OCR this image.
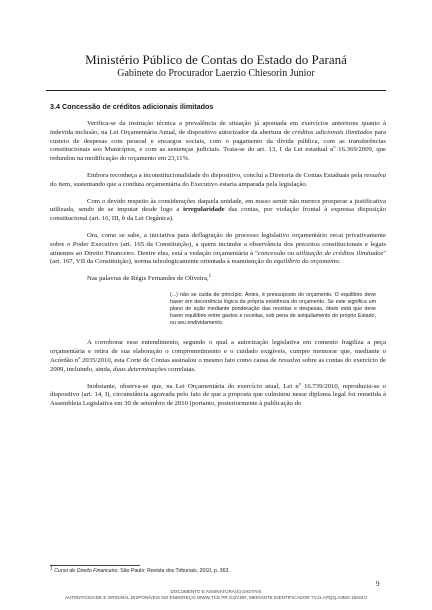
Ministério Público de Contas do Estado do Paraná
Gabinete do Procurador Laerzio Chiesorin Junior
3.4 Concessão de créditos adicionais ilimitados

Verifica-se da instrução técnica a prevalência de situação já apontada em exercícios anteriores quanto à indevida inclusão, na Lei Orçamentária Anual, de dispositivo autorizador da abertura de créditos adicionais ilimitados para custeio de despesas com pessoal e encargos sociais, com o pagamento da dívida pública, com as transferências constitucionais aos Municípios, e com as sentenças judiciais. Trata-se do art. 13, I da Lei estadual nº 16.369/2009, que redundou na modificação do orçamento em 23,11%.

Embora reconheça a inconstitucionalidade do dispositivo, concluí a Diretoria de Contas Estaduais pela ressalva do item, sustentando que a conduta orçamentária do Executivo estaria amparada pela legislação.

Com o devido respeito às considerações daquela unidade, em nosso sentir não merece prosperar a justificativa utilizada, sendo de se imputar desde logo a irregularidade das contas, por violação frontal à expressa disposição constitucional (art. 16, III, b da Lei Orgânica).

Ora, como se sabe, a iniciativa para deflagração do processo legislativo orçamentário recai privativamente sobre o Poder Executivo (art. 165 da Constituição), a quem incumbe a observância dos preceitos constitucionais e legais atinentes ao Direito Financeiro. Dentre eles, está a vedação orçamentária à "concessão ou utilização de créditos ilimitados" (art. 167, VII da Constituição), norma teleologicamente orientada à manutenção do equilíbrio do orçamento.

Nas palavras de Régis Fernandes de Oliveira,$^1$

(...) não se cuida de princípio. Antes, é pressuposto do orçamento. O equilíbrio deve haver em decorrência lógica da própria existência do orçamento. Se este significa um plano de ação mediante ponderação das receitas e despesas, óbvio está que deve haver equilíbrio entre gastos e receitas, sob pena de aniquilamento do próprio Estado, ou seu endividamento.

A corroborar esse entendimento, segundo o qual a autorização legislativa em comento fragiliza a peça orçamentária e retira de sua elaboração o comprometimento e o cuidado exigíveis, cumpre memorar que, mediante o Acórdão nº 2035/2010, esta Corte de Contas assinalou o mesmo fato como causa de ressalva sobre as contas do exercício de 2009, incluindo, ainda, duas determinações correlatas.

Inobstante, observa-se que, na Lei Orçamentária do exercício atual, Lei nº 16.739/2010, reproduziu-se o dispositivo (art. 14, I), circunstância agravada pelo fato de que a proposta que culminou nesse diploma legal foi remetida à Assembleia Legislativa em 30 de setembro de 2010 (portanto, posteriormente à publicação do

1 Curso de Direito Financeiro. São Paulo: Revista dos Tribunais, 2010, p. 363.
9
DOCUMENTO E ASSINATURA(S) DIGITAIS
AUTENTICIDADE E ORIGINAL DISPONÍVEIS NO ENDEREÇO WWW.TCE.PR.GOV.BR, MEDIANTE IDENTIFICADOR 7VJ1.APQQ.A3MX.15KM.0
